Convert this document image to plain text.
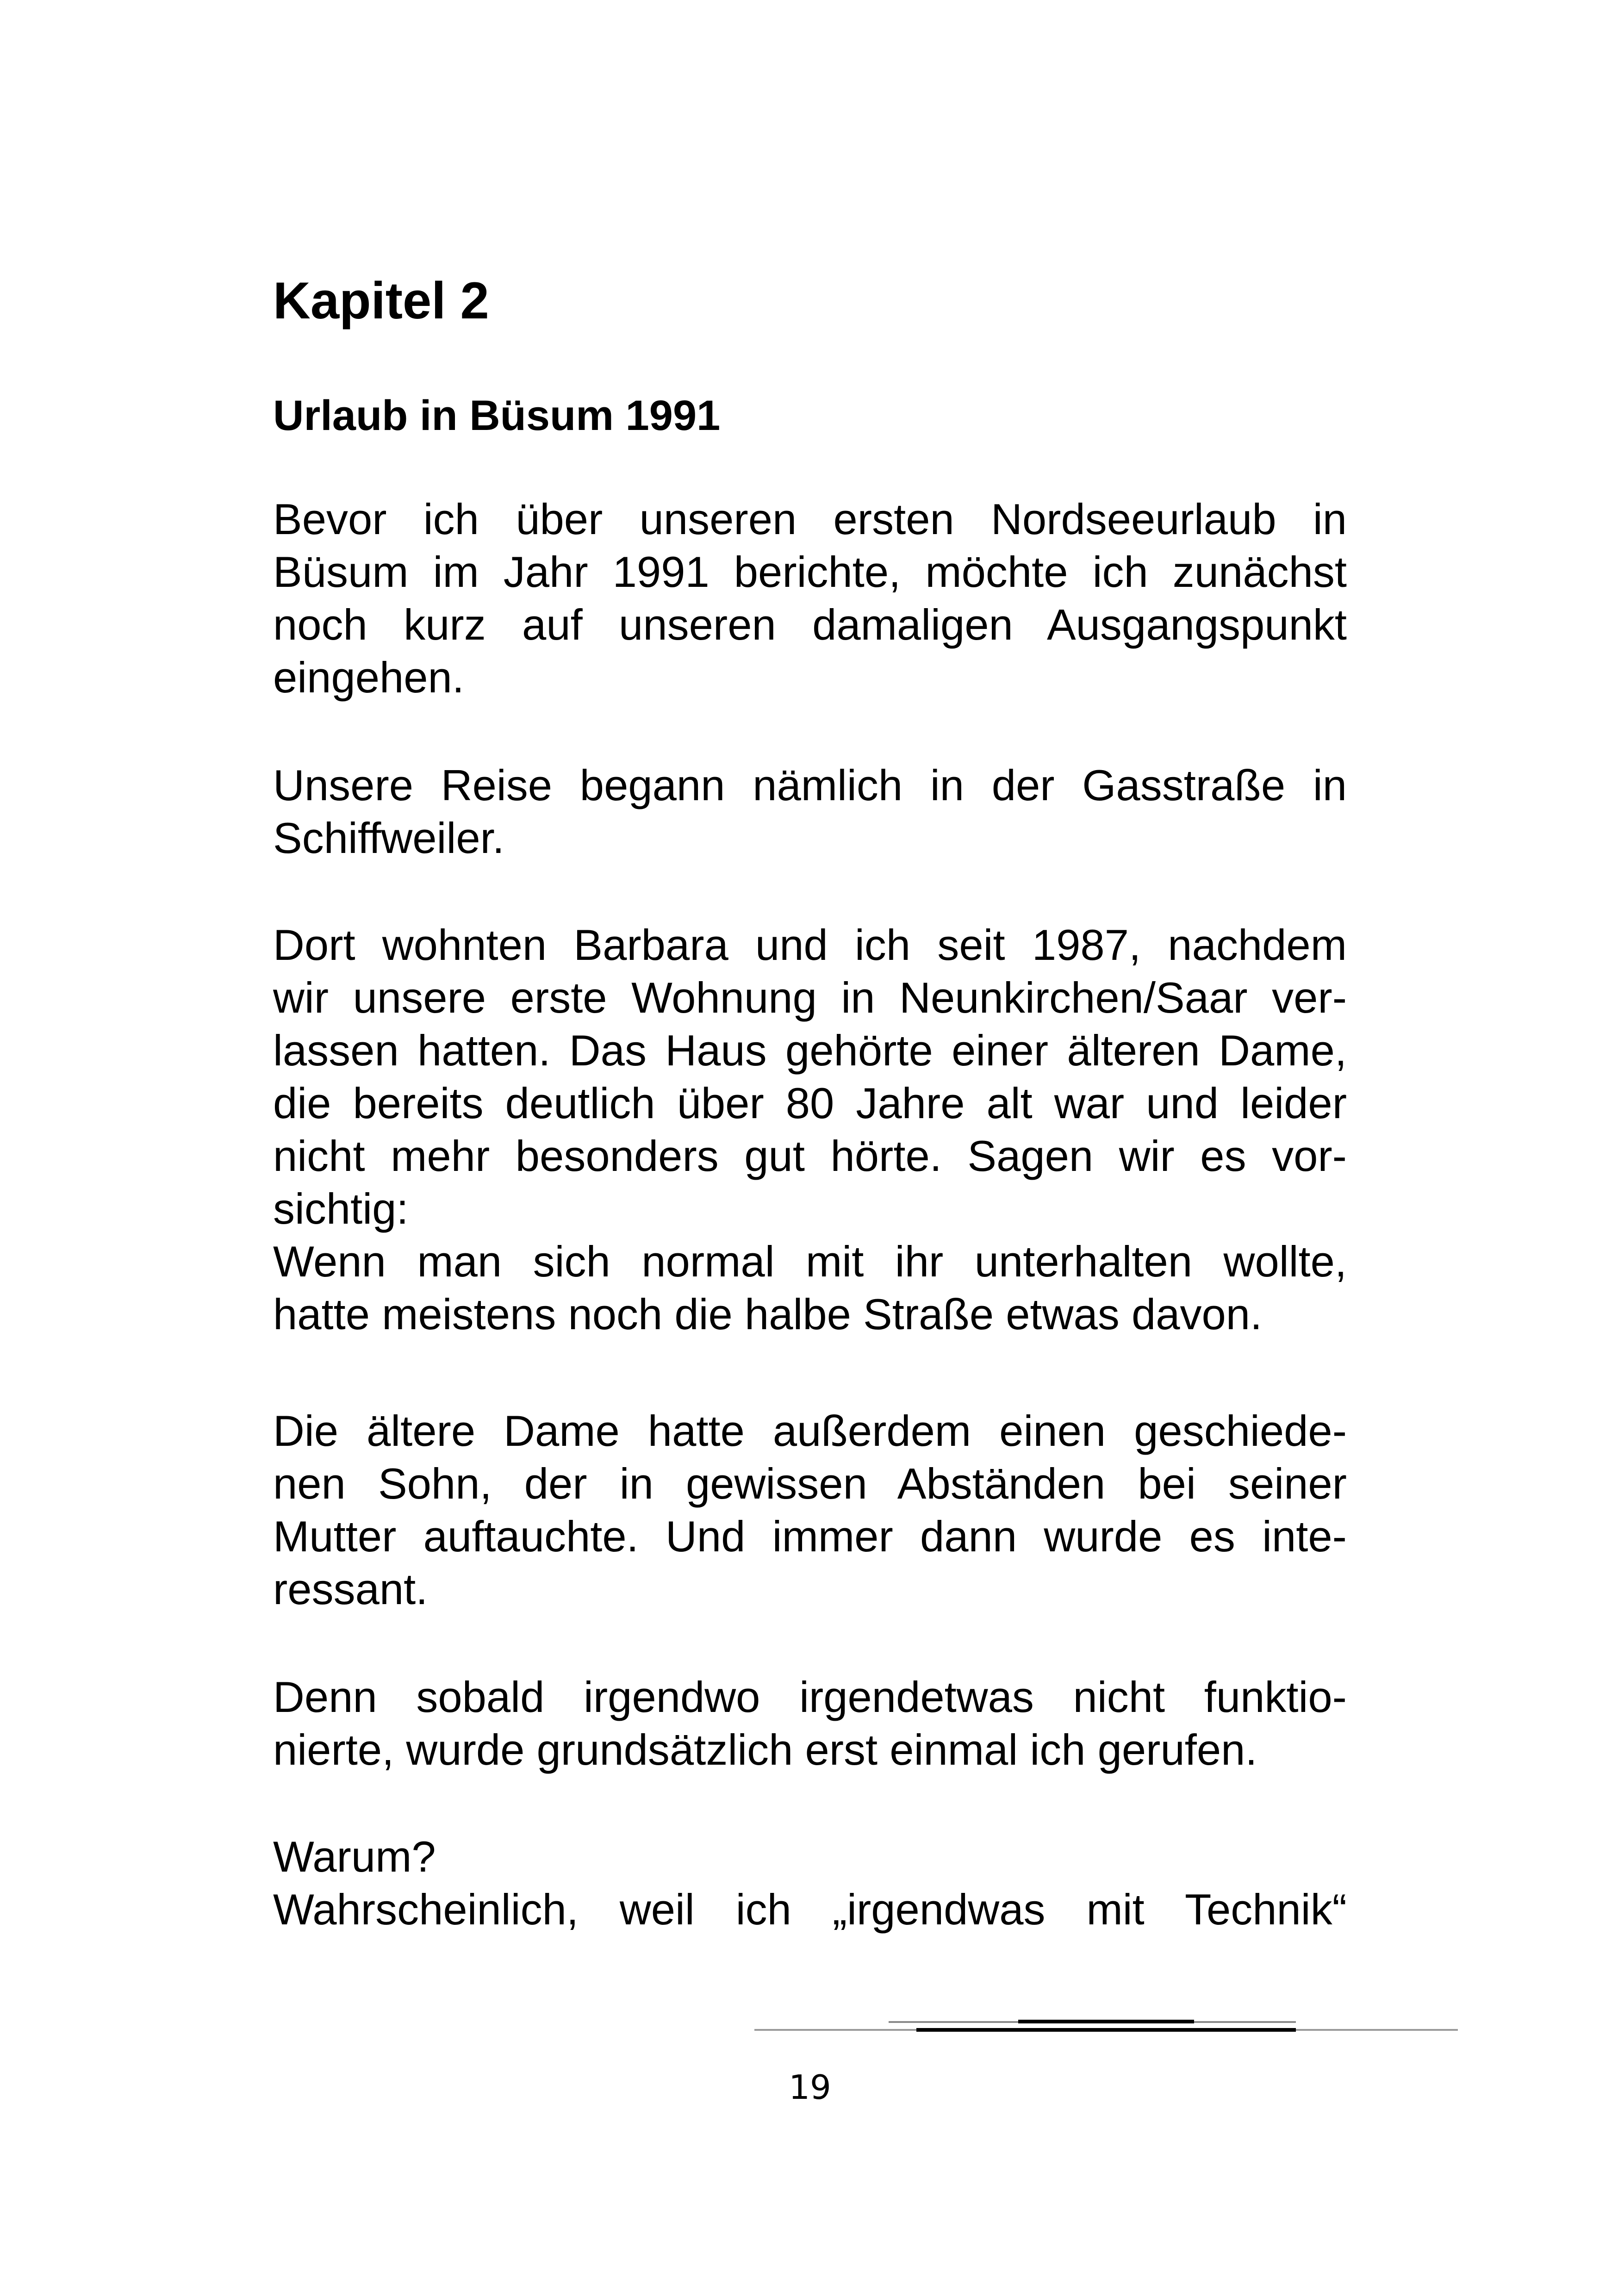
Kapitel 2
Urlaub in Büsum 1991
Bevor ich über unseren ersten Nordseeurlaub in
Büsum im Jahr 1991 berichte, möchte ich zunächst
noch kurz auf unseren damaligen Ausgangspunkt
eingehen.
Unsere Reise begann nämlich in der Gasstraße in
Schiffweiler.
Dort wohnten Barbara und ich seit 1987, nachdem
wir unsere erste Wohnung in Neunkirchen/Saar ver-
lassen hatten. Das Haus gehörte einer älteren Dame,
die bereits deutlich über 80 Jahre alt war und leider
nicht mehr besonders gut hörte. Sagen wir es vor-
sichtig:
Wenn man sich normal mit ihr unterhalten wollte,
hatte meistens noch die halbe Straße etwas davon.
Die ältere Dame hatte außerdem einen geschiede-
nen Sohn, der in gewissen Abständen bei seiner
Mutter auftauchte. Und immer dann wurde es inte-
ressant.
Denn sobald irgendwo irgendetwas nicht funktio-
nierte, wurde grundsätzlich erst einmal ich gerufen.
Warum?
Wahrscheinlich, weil ich „irgendwas mit Technik“
19
